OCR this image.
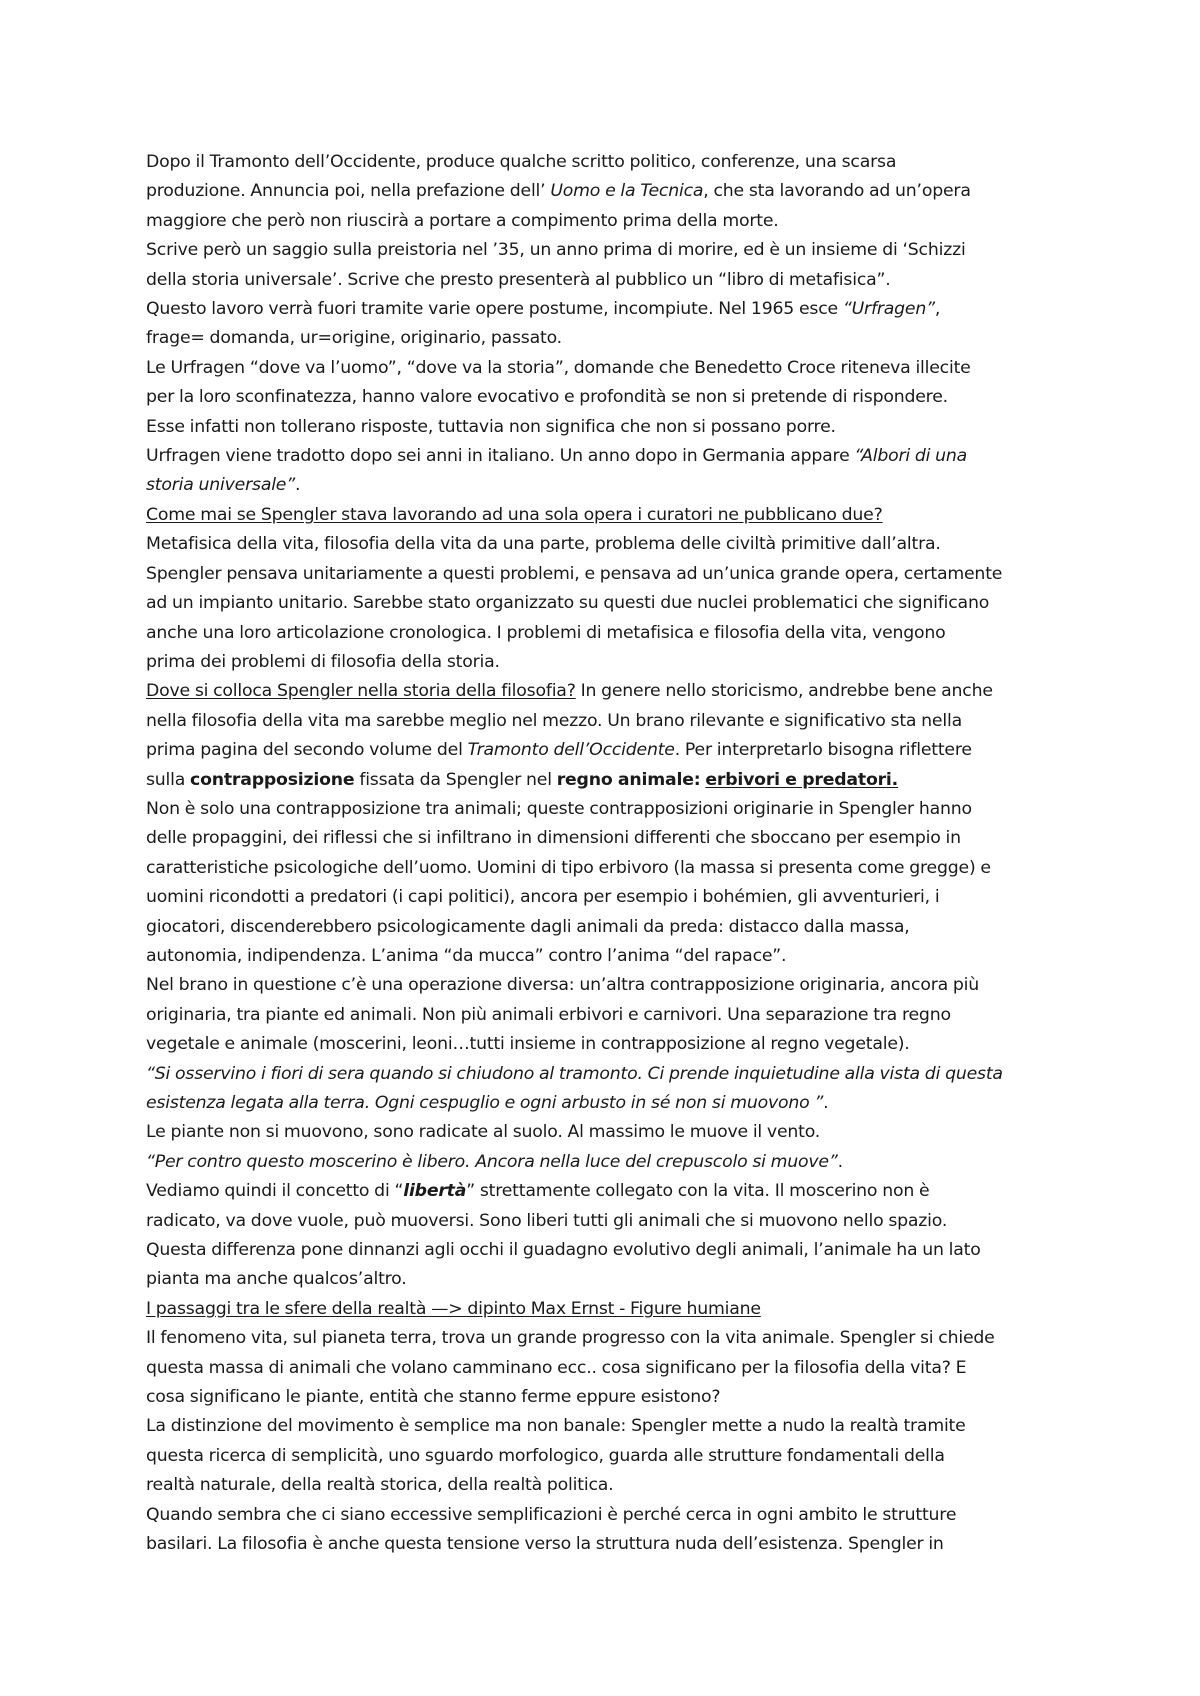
Dopo il Tramonto dell’Occidente, produce qualche scritto politico, conferenze, una scarsa
produzione. Annuncia poi, nella prefazione dell’ Uomo e la Tecnica, che sta lavorando ad un’opera
maggiore che però non riuscirà a portare a compimento prima della morte.
Scrive però un saggio sulla preistoria nel ’35, un anno prima di morire, ed è un insieme di ‘Schizzi
della storia universale’. Scrive che presto presenterà al pubblico un “libro di metafisica”.
Questo lavoro verrà fuori tramite varie opere postume, incompiute. Nel 1965 esce “Urfragen”,
frage= domanda, ur=origine, originario, passato.
Le Urfragen “dove va l’uomo”, “dove va la storia”, domande che Benedetto Croce riteneva illecite
per la loro sconfinatezza, hanno valore evocativo e profondità se non si pretende di rispondere.
Esse infatti non tollerano risposte, tuttavia non significa che non si possano porre.
Urfragen viene tradotto dopo sei anni in italiano. Un anno dopo in Germania appare “Albori di una
storia universale”.
Come mai se Spengler stava lavorando ad una sola opera i curatori ne pubblicano due?
Metafisica della vita, filosofia della vita da una parte, problema delle civiltà primitive dall’altra.
Spengler pensava unitariamente a questi problemi, e pensava ad un’unica grande opera, certamente
ad un impianto unitario. Sarebbe stato organizzato su questi due nuclei problematici che significano
anche una loro articolazione cronologica. I problemi di metafisica e filosofia della vita, vengono
prima dei problemi di filosofia della storia.
Dove si colloca Spengler nella storia della filosofia? In genere nello storicismo, andrebbe bene anche
nella filosofia della vita ma sarebbe meglio nel mezzo. Un brano rilevante e significativo sta nella
prima pagina del secondo volume del Tramonto dell’Occidente. Per interpretarlo bisogna riflettere
sulla contrapposizione fissata da Spengler nel regno animale: erbivori e predatori.
Non è solo una contrapposizione tra animali; queste contrapposizioni originarie in Spengler hanno
delle propaggini, dei riflessi che si infiltrano in dimensioni differenti che sboccano per esempio in
caratteristiche psicologiche dell’uomo. Uomini di tipo erbivoro (la massa si presenta come gregge) e
uomini ricondotti a predatori (i capi politici), ancora per esempio i bohémien, gli avventurieri, i
giocatori, discenderebbero psicologicamente dagli animali da preda: distacco dalla massa,
autonomia, indipendenza. L’anima “da mucca” contro l’anima “del rapace”.
Nel brano in questione c’è una operazione diversa: un’altra contrapposizione originaria, ancora più
originaria, tra piante ed animali. Non più animali erbivori e carnivori. Una separazione tra regno
vegetale e animale (moscerini, leoni…tutti insieme in contrapposizione al regno vegetale).
“Si osservino i fiori di sera quando si chiudono al tramonto. Ci prende inquietudine alla vista di questa
esistenza legata alla terra. Ogni cespuglio e ogni arbusto in sé non si muovono ”.
Le piante non si muovono, sono radicate al suolo. Al massimo le muove il vento.
“Per contro questo moscerino è libero. Ancora nella luce del crepuscolo si muove”.
Vediamo quindi il concetto di “libertà” strettamente collegato con la vita. Il moscerino non è
radicato, va dove vuole, può muoversi. Sono liberi tutti gli animali che si muovono nello spazio.
Questa differenza pone dinnanzi agli occhi il guadagno evolutivo degli animali, l’animale ha un lato
pianta ma anche qualcos’altro.
I passaggi tra le sfere della realtà —> dipinto Max Ernst - Figure humiane
Il fenomeno vita, sul pianeta terra, trova un grande progresso con la vita animale. Spengler si chiede
questa massa di animali che volano camminano ecc.. cosa significano per la filosofia della vita? E
cosa significano le piante, entità che stanno ferme eppure esistono?
La distinzione del movimento è semplice ma non banale: Spengler mette a nudo la realtà tramite
questa ricerca di semplicità, uno sguardo morfologico, guarda alle strutture fondamentali della
realtà naturale, della realtà storica, della realtà politica.
Quando sembra che ci siano eccessive semplificazioni è perché cerca in ogni ambito le strutture
basilari. La filosofia è anche questa tensione verso la struttura nuda dell’esistenza. Spengler in
